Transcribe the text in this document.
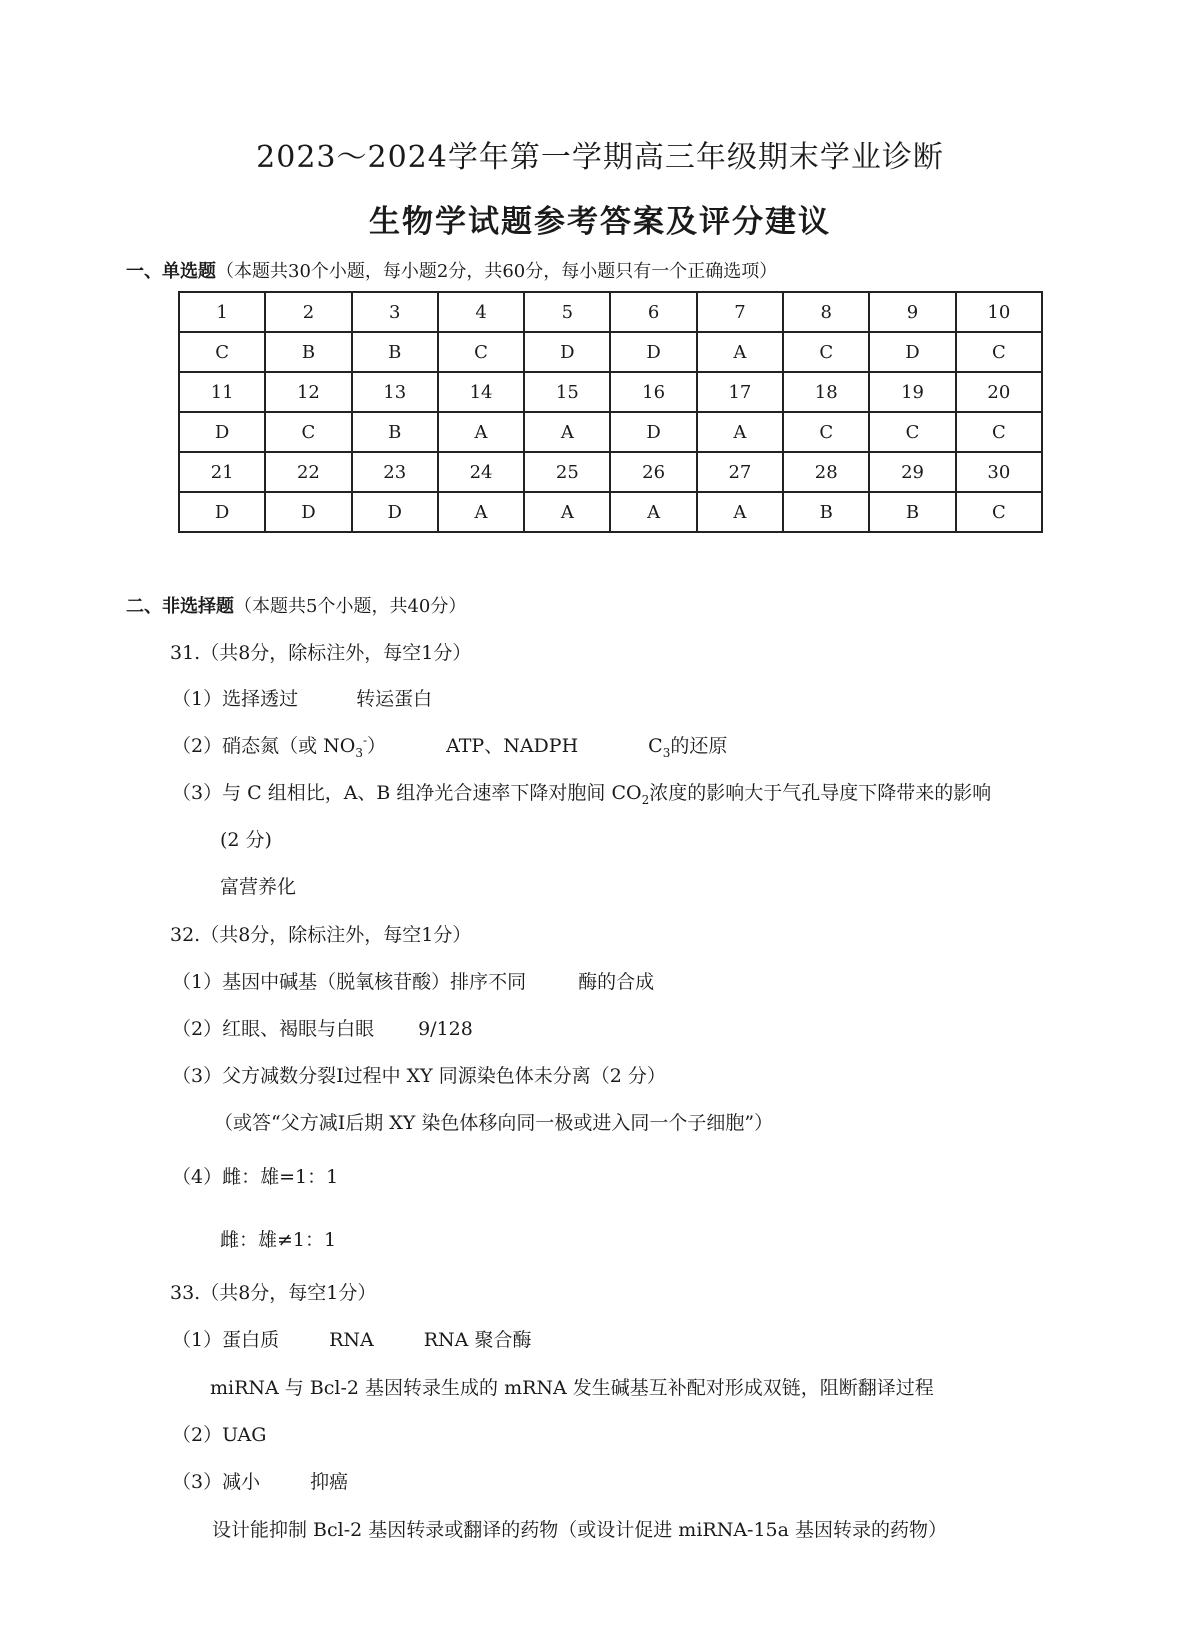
2023～2024学年第一学期高三年级期末学业诊断
生物学试题参考答案及评分建议
一、单选题（本题共30个小题，每小题2分，共60分，每小题只有一个正确选项）
1	2	3	4	5	6	7	8	9	10
C	B	B	C	D	D	A	C	D	C
11	12	13	14	15	16	17	18	19	20
D	C	B	A	A	D	A	C	C	C
21	22	23	24	25	26	27	28	29	30
D	D	D	A	A	A	A	B	B	C
二、非选择题（本题共5个小题，共40分）
31.（共8分，除标注外，每空1分）
（1）选择透过	转运蛋白
（2）硝态氮（或 $NO_3^-$）	ATP、NADPH	$C_3$的还原
（3）与 C 组相比，A、B 组净光合速率下降对胞间 $CO_2$浓度的影响大于气孔导度下降带来的影响
(2 分)
富营养化
32.（共8分，除标注外，每空1分）
（1）基因中碱基（脱氧核苷酸）排序不同	酶的合成
（2）红眼、褐眼与白眼 9/128
（3）父方减数分裂Ⅰ过程中 XY 同源染色体未分离（2 分）
（或答“父方减Ⅰ后期 XY 染色体移向同一极或进入同一个子细胞”）
（4）雌：雄=1：1
雌：雄≠1：1
33.（共8分，每空1分）
（1）蛋白质	RNA	RNA 聚合酶
miRNA 与 Bcl-2 基因转录生成的 mRNA 发生碱基互补配对形成双链，阻断翻译过程
（2）UAG
（3）减小	抑癌
设计能抑制 Bcl-2 基因转录或翻译的药物（或设计促进 miRNA-15a 基因转录的药物）
